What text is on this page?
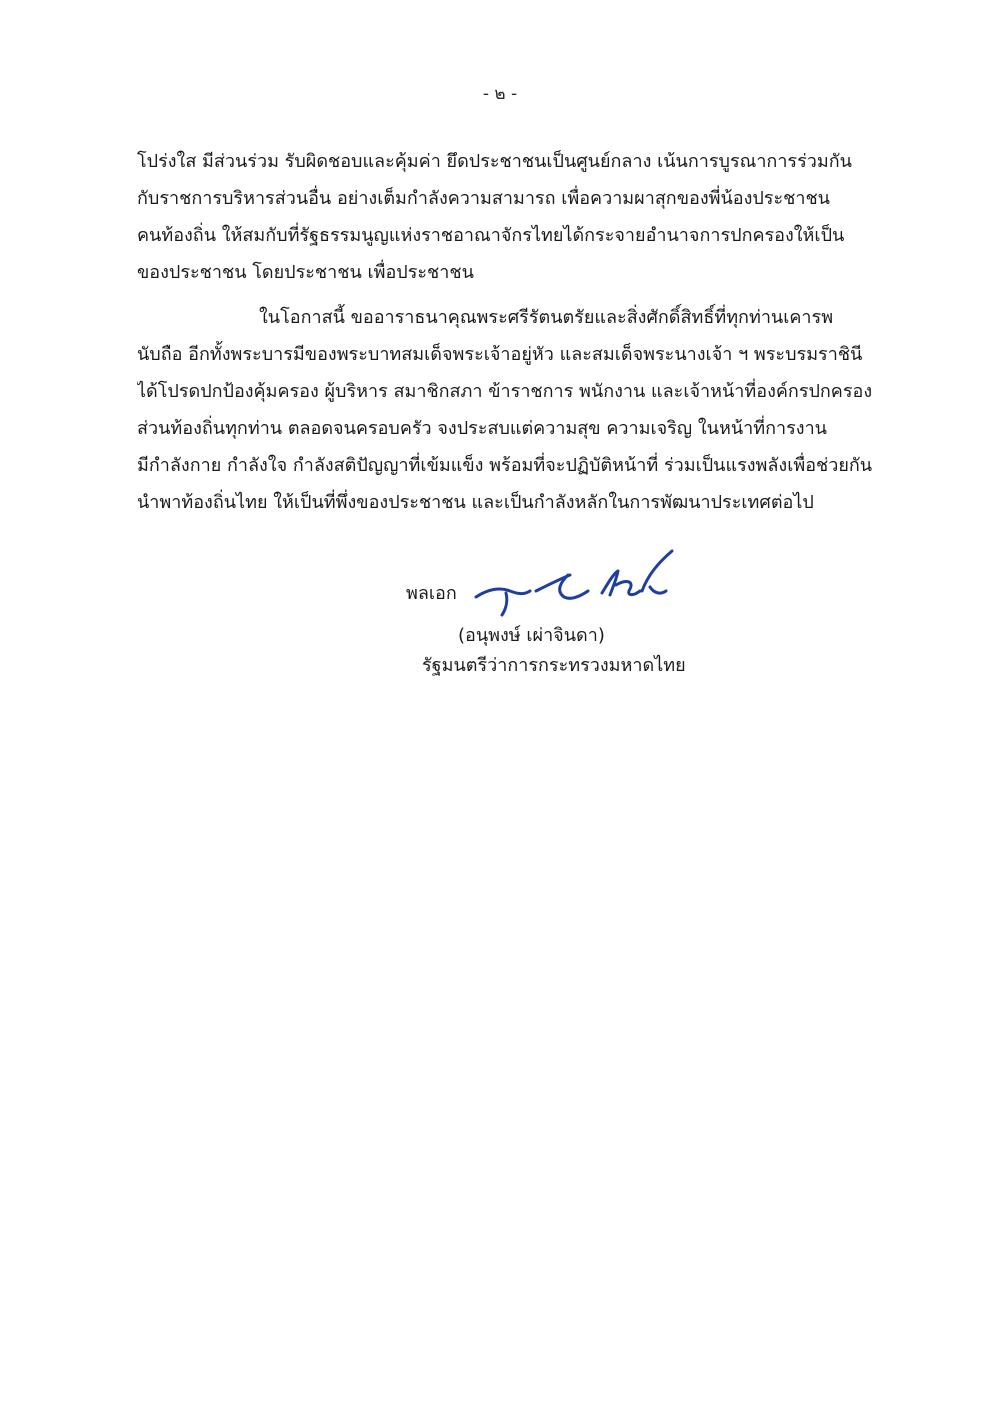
- ๒ -
โปร่งใส มีส่วนร่วม รับผิดชอบและคุ้มค่า ยึดประชาชนเป็นศูนย์กลาง เน้นการบูรณาการร่วมกัน
กับราชการบริหารส่วนอื่น อย่างเต็มกำลังความสามารถ เพื่อความผาสุกของพี่น้องประชาชน
คนท้องถิ่น ให้สมกับที่รัฐธรรมนูญแห่งราชอาณาจักรไทยได้กระจายอำนาจการปกครองให้เป็น
ของประชาชน โดยประชาชน เพื่อประชาชน
ในโอกาสนี้ ขออาราธนาคุณพระศรีรัตนตรัยและสิ่งศักดิ์สิทธิ์ที่ทุกท่านเคารพ
นับถือ อีกทั้งพระบารมีของพระบาทสมเด็จพระเจ้าอยู่หัว และสมเด็จพระนางเจ้า ฯ พระบรมราชินี
ได้โปรดปกป้องคุ้มครอง ผู้บริหาร สมาชิกสภา ข้าราชการ พนักงาน และเจ้าหน้าที่องค์กรปกครอง
ส่วนท้องถิ่นทุกท่าน ตลอดจนครอบครัว จงประสบแต่ความสุข ความเจริญ ในหน้าที่การงาน
มีกำลังกาย กำลังใจ กำลังสติปัญญาที่เข้มแข็ง พร้อมที่จะปฏิบัติหน้าที่ ร่วมเป็นแรงพลังเพื่อช่วยกัน
นำพาท้องถิ่นไทย ให้เป็นที่พึ่งของประชาชน และเป็นกำลังหลักในการพัฒนาประเทศต่อไป
พลเอก
(อนุพงษ์ เผ่าจินดา)
รัฐมนตรีว่าการกระทรวงมหาดไทย
